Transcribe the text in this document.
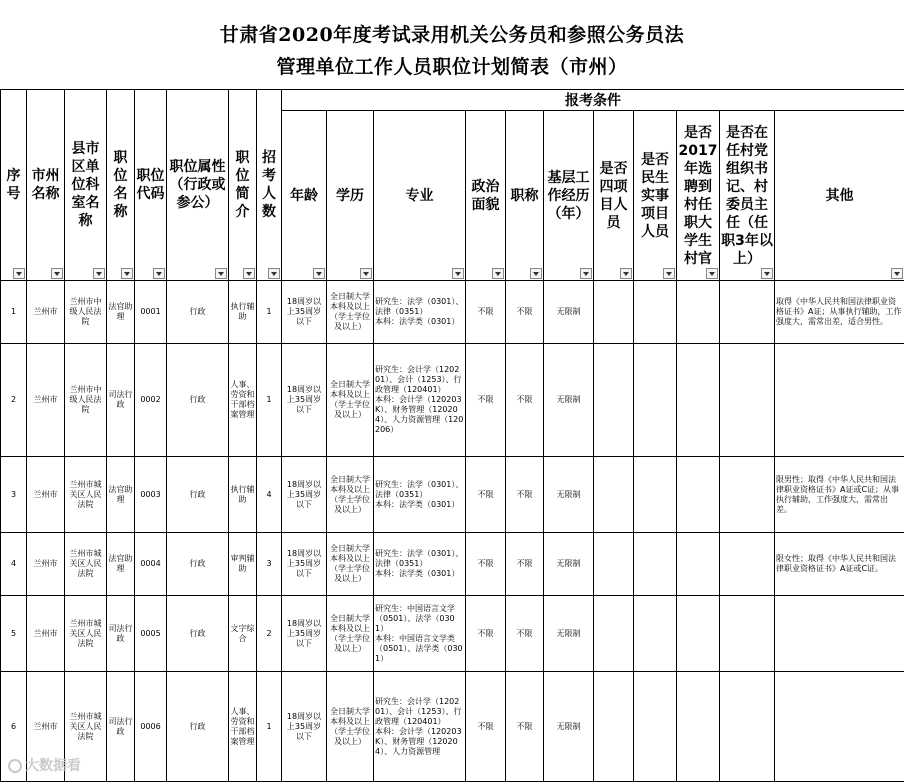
甘肃省2020年度考试录用机关公务员和参照公务员法
管理单位工作人员职位计划简表（市州）
序号	市州名称	县市区单位科室名称	职位名称	职位代码	职位属性（行政或参公）	职位简介	招考人数	报考条件										

								年龄	学历	专业	政治面貌	职称	基层工作经历（年）	是否四项目人员	是否民生实事项目人员	是否2017年选聘到村任职大学生村官	是否在任村党组织书记、村委员主任（任职3年以上）	其他

1	兰州市	兰州市中级人民法院	法官助理	0001	行政	执行辅助	1	18周岁以上35周岁以下	全日制大学本科及以上（学士学位及以上）	研究生：法学（0301）、法律（0351）
本科：法学类（0301）	不限	不限	无限制					取得《中华人民共和国法律职业资格证书》A证；从事执行辅助，工作强度大，需常出差，适合男性。
2	兰州市	兰州市中级人民法院	司法行政	0002	行政	人事、劳资和干部档案管理	1	18周岁以上35周岁以下	全日制大学本科及以上（学士学位及以上）	研究生：会计学（120201）、会计（1253）、行政管理（120401）
本科：会计学（120203K）、财务管理（120204）、人力资源管理（120206）	不限	不限	无限制					
3	兰州市	兰州市城关区人民法院	法官助理	0003	行政	执行辅助	4	18周岁以上35周岁以下	全日制大学本科及以上（学士学位及以上）	研究生：法学（0301）、法律（0351）
本科：法学类（0301）	不限	不限	无限制					限男性；取得《中华人民共和国法律职业资格证书》A证或C证；从事执行辅助，工作强度大，需常出差。
4	兰州市	兰州市城关区人民法院	法官助理	0004	行政	审判辅助	3	18周岁以上35周岁以下	全日制大学本科及以上（学士学位及以上）	研究生：法学（0301）、法律（0351）
本科：法学类（0301）	不限	不限	无限制					限女性；取得《中华人民共和国法律职业资格证书》A证或C证。
5	兰州市	兰州市城关区人民法院	司法行政	0005	行政	文字综合	2	18周岁以上35周岁以下	全日制大学本科及以上（学士学位及以上）	研究生：中国语言文学（0501）、法学（0301）
本科：中国语言文学类（0501）、法学类（0301）	不限	不限	无限制					
6	兰州市	兰州市城关区人民法院	司法行政	0006	行政	人事、劳资和干部档案管理	1	18周岁以上35周岁以下	全日制大学本科及以上（学士学位及以上）	研究生：会计学（120201）、会计（1253）、行政管理（120401）
本科：会计学（120203K）、财务管理（120204）、人力资源管理	不限	不限	无限制					
大数据看
